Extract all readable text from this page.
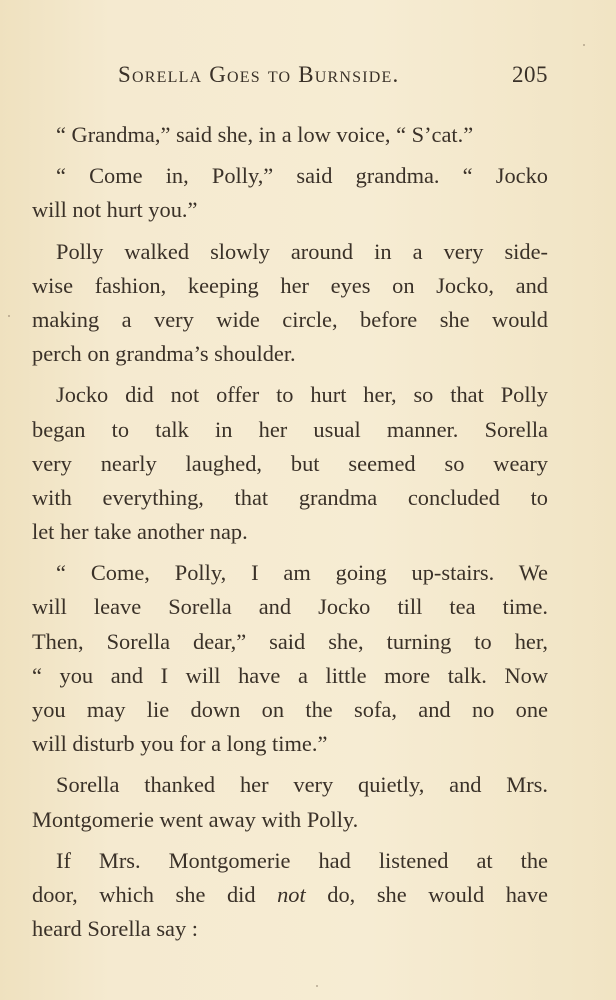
Sorella Goes to Burnside.	205
“ Grandma,” said she, in a low voice, “ S’cat.”
“ Come in, Polly,” said grandma. “ Jocko
will not hurt you.”
Polly walked slowly around in a very side-
wise fashion, keeping her eyes on Jocko, and
making a very wide circle, before she would
perch on grandma’s shoulder.
Jocko did not offer to hurt her, so that Polly
began to talk in her usual manner. Sorella
very nearly laughed, but seemed so weary
with everything, that grandma concluded to
let her take another nap.
“ Come, Polly, I am going up-stairs. We
will leave Sorella and Jocko till tea time.
Then, Sorella dear,” said she, turning to her,
“ you and I will have a little more talk. Now
you may lie down on the sofa, and no one
will disturb you for a long time.”
Sorella thanked her very quietly, and Mrs.
Montgomerie went away with Polly.
If Mrs. Montgomerie had listened at the
door, which she did not do, she would have
heard Sorella say :
